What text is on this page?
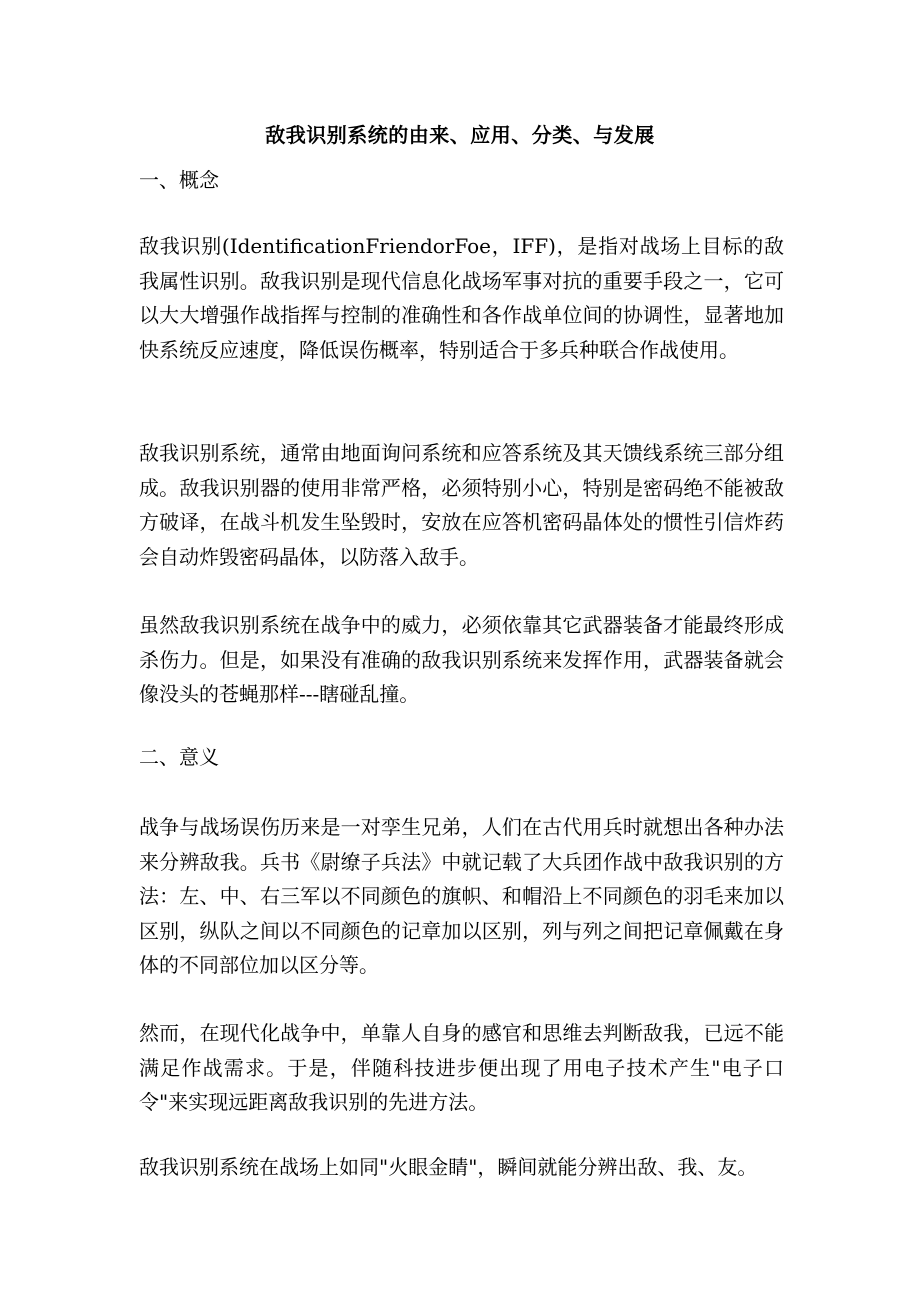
敌我识别系统的由来、应用、分类、与发展
一、概念
敌我识别(IdentificationFriendorFoe，IFF)，是指对战场上目标的敌我属性识别。敌我识别是现代信息化战场军事对抗的重要手段之一，它可以大大增强作战指挥与控制的准确性和各作战单位间的协调性，显著地加快系统反应速度，降低误伤概率，特别适合于多兵种联合作战使用。
敌我识别系统，通常由地面询问系统和应答系统及其天馈线系统三部分组成。敌我识别器的使用非常严格，必须特别小心，特别是密码绝不能被敌方破译，在战斗机发生坠毁时，安放在应答机密码晶体处的惯性引信炸药会自动炸毁密码晶体，以防落入敌手。
虽然敌我识别系统在战争中的威力，必须依靠其它武器装备才能最终形成杀伤力。但是，如果没有准确的敌我识别系统来发挥作用，武器装备就会像没头的苍蝇那样---瞎碰乱撞。
二、意义
战争与战场误伤历来是一对孪生兄弟，人们在古代用兵时就想出各种办法来分辨敌我。兵书《尉缭子兵法》中就记载了大兵团作战中敌我识别的方法：左、中、右三军以不同颜色的旗帜、和帽沿上不同颜色的羽毛来加以区别，纵队之间以不同颜色的记章加以区别，列与列之间把记章佩戴在身体的不同部位加以区分等。
然而，在现代化战争中，单靠人自身的感官和思维去判断敌我，已远不能满足作战需求。于是，伴随科技进步便出现了用电子技术产生"电子口令"来实现远距离敌我识别的先进方法。
敌我识别系统在战场上如同"火眼金睛"，瞬间就能分辨出敌、我、友。
